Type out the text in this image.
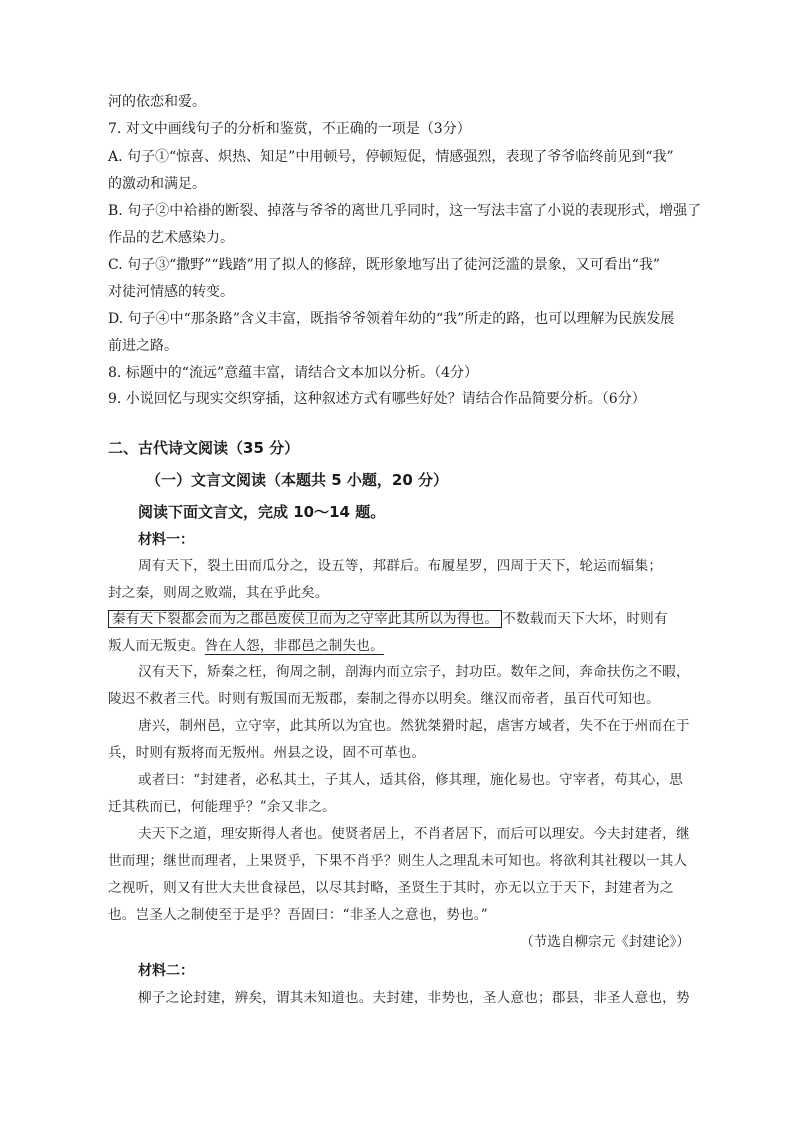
河的依恋和爱。
7. 对文中画线句子的分析和鉴赏，不正确的一项是（3分）
A. 句子①“惊喜、炽热、知足”中用顿号，停顿短促，情感强烈，表现了爷爷临终前见到“我”
的激动和满足。
B. 句子②中袷褂的断裂、掉落与爷爷的离世几乎同时，这一写法丰富了小说的表现形式，增强了
作品的艺术感染力。
C. 句子③“撒野”“践踏”用了拟人的修辞，既形象地写出了徒河泛滥的景象，又可看出“我”
对徒河情感的转变。
D. 句子④中“那条路”含义丰富，既指爷爷领着年幼的“我”所走的路，也可以理解为民族发展
前进之路。
8. 标题中的“流远”意蕴丰富，请结合文本加以分析。（4分）
9. 小说回忆与现实交织穿插，这种叙述方式有哪些好处？请结合作品简要分析。（6分）
二、古代诗文阅读（35 分）
（一）文言文阅读（本题共 5 小题，20 分）
阅读下面文言文，完成 10～14 题。
材料一：
周有天下，裂土田而瓜分之，设五等，邦群后。布履星罗，四周于天下，轮运而辐集；
封之秦，则周之败端，其在乎此矣。
秦有天下裂都会而为之郡邑废侯卫而为之守宰此其所以为得也。 不数载而天下大坏，时则有
叛人而无叛吏。咎在人怨，非郡邑之制失也。
汉有天下，矫秦之枉，徇周之制，剖海内而立宗子，封功臣。数年之间，奔命扶伤之不暇，
陵迟不救者三代。时则有叛国而无叛郡，秦制之得亦以明矣。继汉而帝者，虽百代可知也。
唐兴，制州邑，立守宰，此其所以为宜也。然犹桀猾时起，虐害方域者，失不在于州而在于
兵，时则有叛将而无叛州。州县之设，固不可革也。
或者曰：“封建者，必私其土，子其人，适其俗，修其理，施化易也。守宰者，苟其心，思
迁其秩而已，何能理乎？”余又非之。
夫天下之道，理安斯得人者也。使贤者居上，不肖者居下，而后可以理安。今夫封建者，继
世而理；继世而理者，上果贤乎，下果不肖乎？则生人之理乱未可知也。将欲利其社稷以一其人
之视听，则又有世大夫世食禄邑，以尽其封略，圣贤生于其时，亦无以立于天下，封建者为之
也。岂圣人之制使至于是乎？吾固曰：“非圣人之意也，势也。”
（节选自柳宗元《封建论》）
材料二：
柳子之论封建，辨矣，谓其未知道也。夫封建，非势也，圣人意也；郡县，非圣人意也，势
